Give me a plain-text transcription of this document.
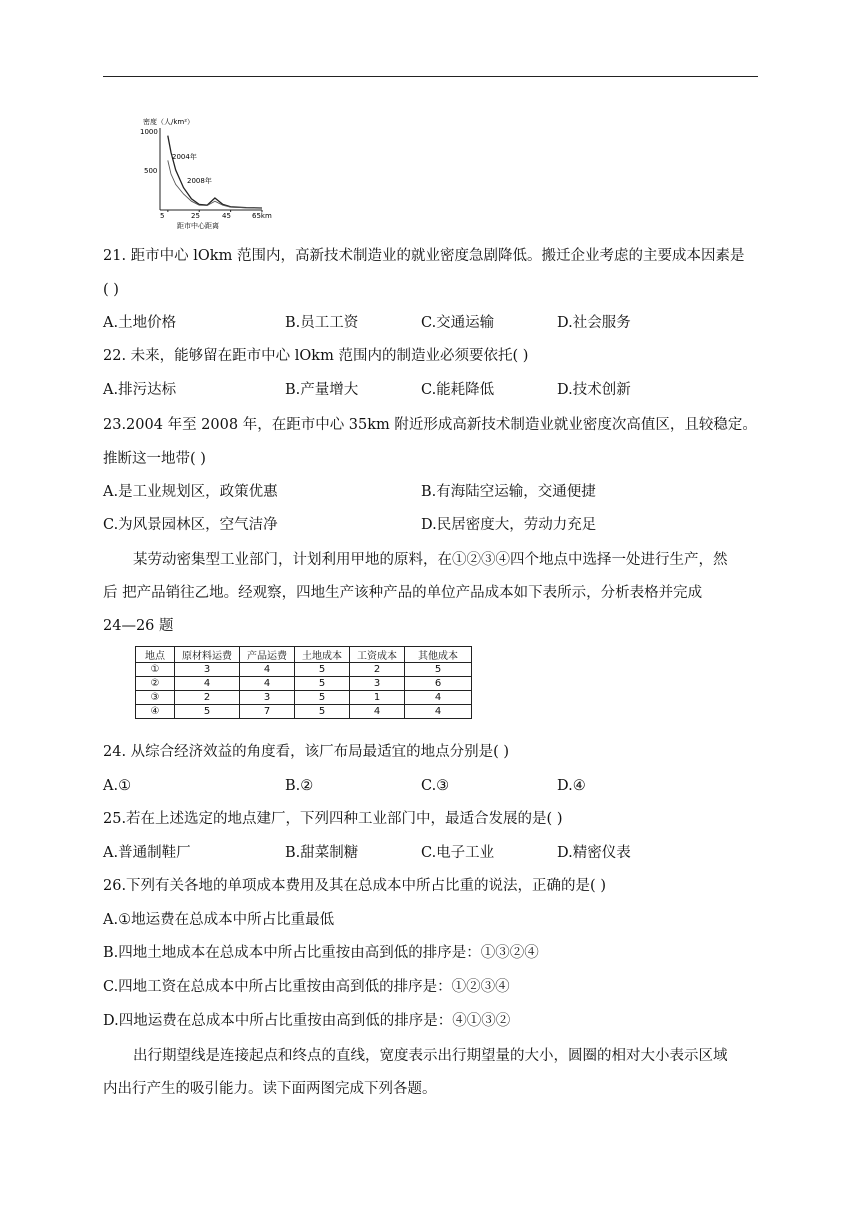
密度（人/km²）
1000
500
5	25	45	65km
距市中心距离
2004年
2008年
21. 距市中心 lOkm 范围内，高新技术制造业的就业密度急剧降低。搬迁企业考虑的主要成本因素是
( )
A.土地价格	B.员工工资	C.交通运输	D.社会服务
22. 未来，能够留在距市中心 lOkm 范围内的制造业必须要依托( )
A.排污达标	B.产量增大	C.能耗降低	D.技术创新
23.2004 年至 2008 年，在距市中心 35km 附近形成高新技术制造业就业密度次高值区，且较稳定。
推断这一地带( )
A.是工业规划区，政策优惠	B.有海陆空运输，交通便捷
C.为风景园林区，空气洁净	D.民居密度大，劳动力充足
某劳动密集型工业部门，计划利用甲地的原料，在①②③④四个地点中选择一处进行生产，然
后 把产品销往乙地。经观察，四地生产该种产品的单位产品成本如下表所示，分析表格并完成
24—26 题
地点	原材料运费	产品运费	土地成本	工资成本	其他成本
①	3	4	5	2	5
②	4	4	5	3	6
③	2	3	5	1	4
④	5	7	5	4	4
24. 从综合经济效益的角度看，该厂布局最适宜的地点分别是( )
A.①	B.②	C.③	D.④
25.若在上述选定的地点建厂，下列四种工业部门中，最适合发展的是( )
A.普通制鞋厂	B.甜菜制糖	C.电子工业	D.精密仪表
26.下列有关各地的单项成本费用及其在总成本中所占比重的说法，正确的是( )
A.①地运费在总成本中所占比重最低
B.四地土地成本在总成本中所占比重按由高到低的排序是：①③②④
C.四地工资在总成本中所占比重按由高到低的排序是：①②③④
D.四地运费在总成本中所占比重按由高到低的排序是：④①③②
出行期望线是连接起点和终点的直线，宽度表示出行期望量的大小，圆圈的相对大小表示区域
内出行产生的吸引能力。读下面两图完成下列各题。
